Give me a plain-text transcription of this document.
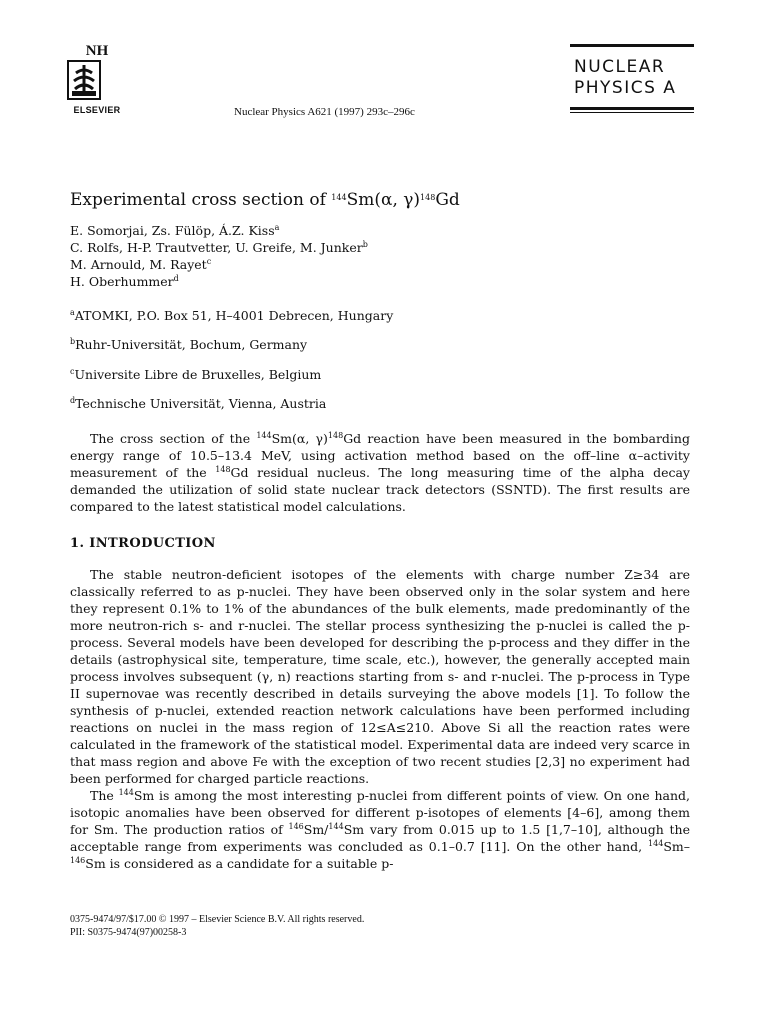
NH
ELSEVIER	Nuclear Physics A621 (1997) 293c–296c
NUCLEAR
PHYSICS A
Experimental cross section of $^{144}$Sm(α, γ)$^{148}$Gd
E. Somorjai, Zs. Fülöp, Á.Z. Kiss$^a$
C. Rolfs, H-P. Trautvetter, U. Greife, M. Junker$^b$
M. Arnould, M. Rayet$^c$
H. Oberhummer$^d$
$^a$ATOMKI, P.O. Box 51, H–4001 Debrecen, Hungary
$^b$Ruhr-Universität, Bochum, Germany
$^c$Universite Libre de Bruxelles, Belgium
$^d$Technische Universität, Vienna, Austria

The cross section of the $^{144}$Sm(α, γ)$^{148}$Gd reaction have been measured in the bombarding energy range of 10.5–13.4 MeV, using activation method based on the off–line α–activity measurement of the $^{148}$Gd residual nucleus. The long measuring time of the alpha decay demanded the utilization of solid state nuclear track detectors (SSNTD). The first results are compared to the latest statistical model calculations.

1. INTRODUCTION

The stable neutron-deficient isotopes of the elements with charge number Z≥34 are classically referred to as p-nuclei. They have been observed only in the solar system and here they represent 0.1% to 1% of the abundances of the bulk elements, made predominantly of the more neutron-rich s- and r-nuclei. The stellar process synthesizing the p-nuclei is called the p-process. Several models have been developed for describing the p-process and they differ in the details (astrophysical site, temperature, time scale, etc.), however, the generally accepted main process involves subsequent (γ, n) reactions starting from s- and r-nuclei. The p-process in Type II supernovae was recently described in details surveying the above models [1]. To follow the synthesis of p-nuclei, extended reaction network calculations have been performed including reactions on nuclei in the mass region of 12≤A≤210. Above Si all the reaction rates were calculated in the framework of the statistical model. Experimental data are indeed very scarce in that mass region and above Fe with the exception of two recent studies [2,3] no experiment had been performed for charged particle reactions.

The $^{144}$Sm is among the most interesting p-nuclei from different points of view. On one hand, isotopic anomalies have been observed for different p-isotopes of elements [4–6], among them for Sm. The production ratios of $^{146}$Sm/$^{144}$Sm vary from 0.015 up to 1.5 [1,7–10], although the acceptable range from experiments was concluded as 0.1–0.7 [11]. On the other hand, $^{144}$Sm–$^{146}$Sm is considered as a candidate for a suitable p-

0375-9474/97/$17.00 © 1997 – Elsevier Science B.V. All rights reserved.
PII: S0375-9474(97)00258-3
